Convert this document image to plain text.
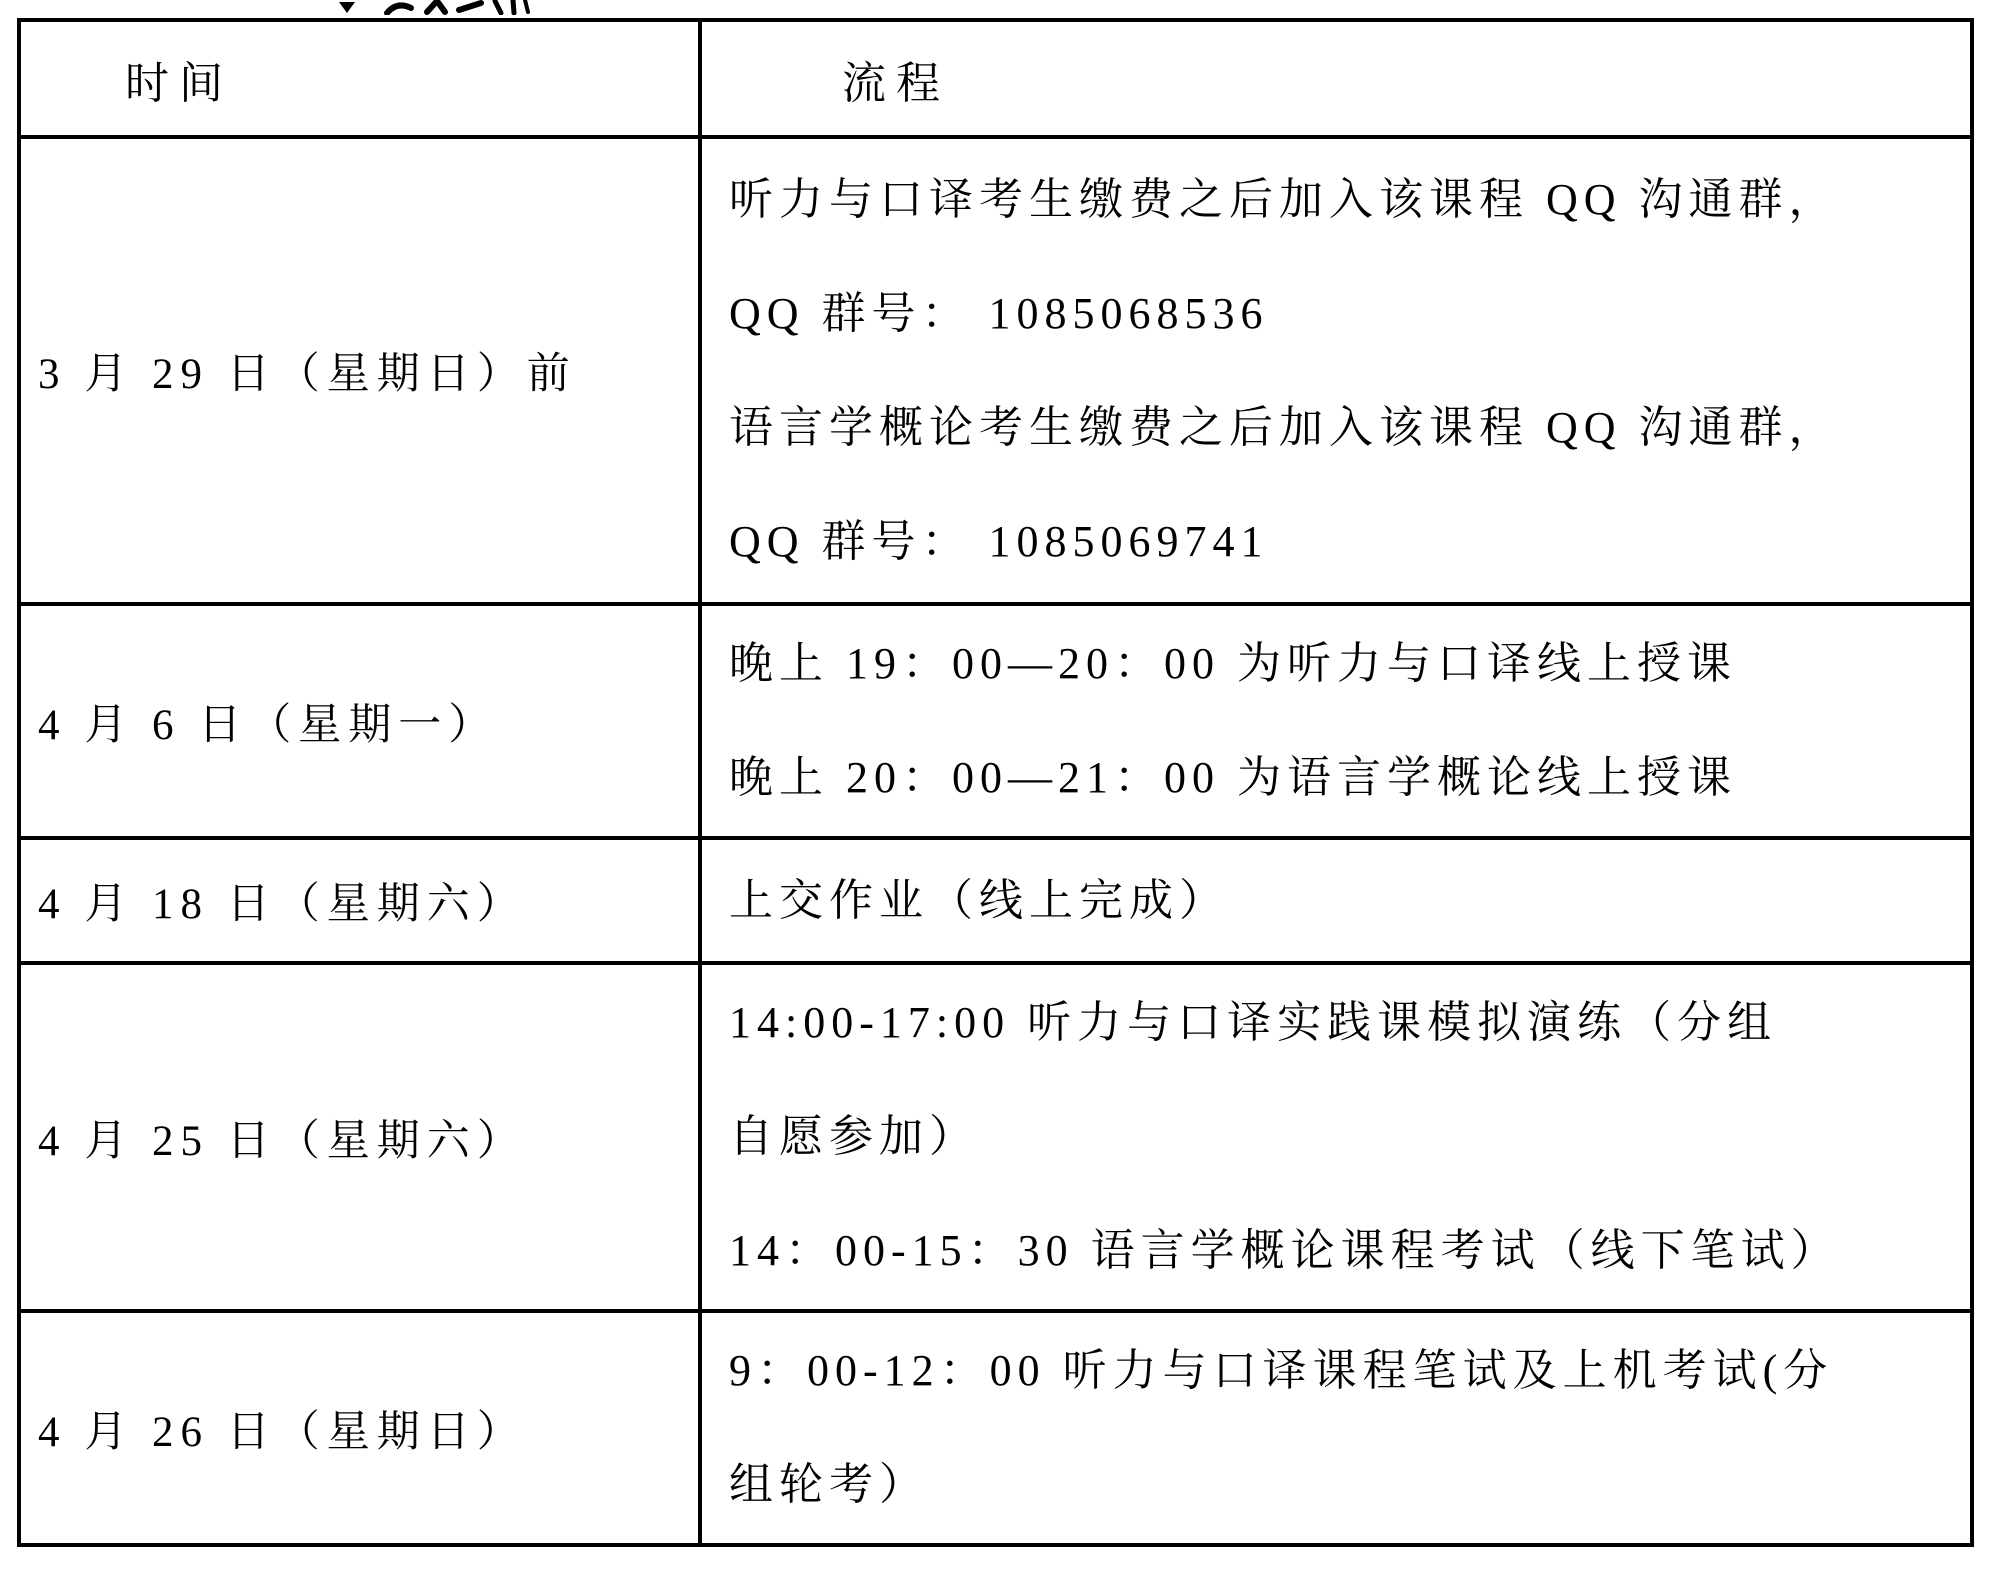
时间	流程
3 月 29 日（星期日）前	听力与口译考生缴费之后加入该课程 QQ 沟通群，

QQ 群号： 1085068536

语言学概论考生缴费之后加入该课程 QQ 沟通群，

QQ 群号： 1085069741

4 月 6 日（星期一）	晚上 19：00—20：00 为听力与口译线上授课

晚上 20：00—21：00 为语言学概论线上授课

4 月 18 日（星期六）	上交作业（线上完成）

4 月 25 日（星期六）	14:00-17:00 听力与口译实践课模拟演练（分组

自愿参加）

14：00-15：30 语言学概论课程考试（线下笔试）

4 月 26 日（星期日）	9：00-12：00 听力与口译课程笔试及上机考试(分

组轮考）
